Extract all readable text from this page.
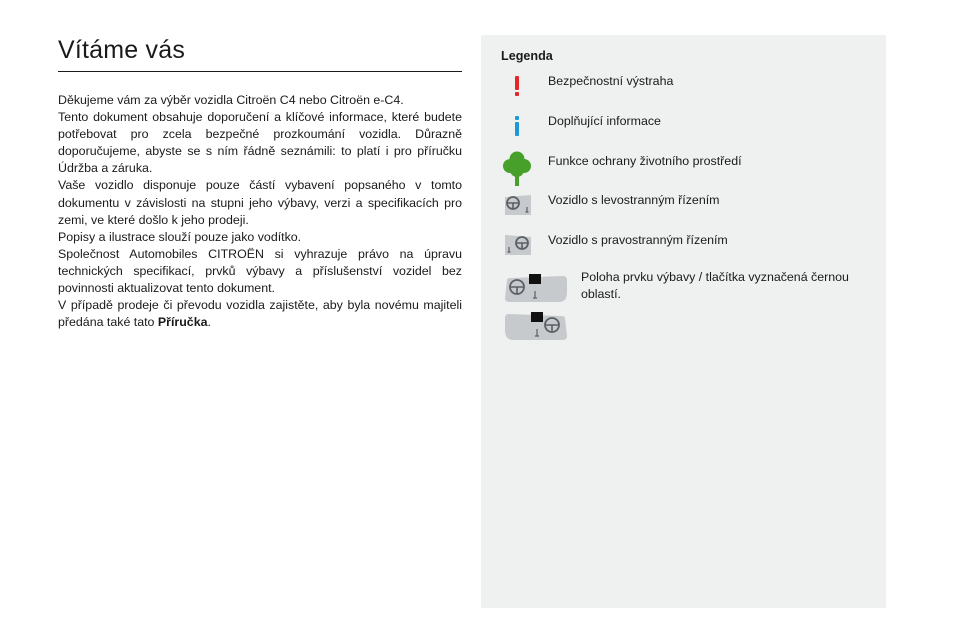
Vítáme vás

Děkujeme vám za výběr vozidla Citroën C4 nebo Citroën e-C4.

Tento dokument obsahuje doporučení a klíčové informace, které budete potřebovat pro zcela bezpečné prozkoumání vozidla. Důrazně doporučujeme, abyste se s ním řádně seznámili: to platí i pro příručku Údržba a záruka.

Vaše vozidlo disponuje pouze částí vybavení popsaného v tomto dokumentu v závislosti na stupni jeho výbavy, verzi a specifikacích pro zemi, ve které došlo k jeho prodeji.

Popisy a ilustrace slouží pouze jako vodítko.

Společnost Automobiles CITROËN si vyhrazuje právo na úpravu technických specifikací, prvků výbavy a příslušenství vozidel bez povinnosti aktualizovat tento dokument.

V případě prodeje či převodu vozidla zajistěte, aby byla novému majiteli předána také tato Příručka.

Legenda
Bezpečnostní výstraha
Doplňující informace
Funkce ochrany životního prostředí
Vozidlo s levostranným řízením
Vozidlo s pravostranným řízením
Poloha prvku výbavy / tlačítka vyznačená černou oblastí.
